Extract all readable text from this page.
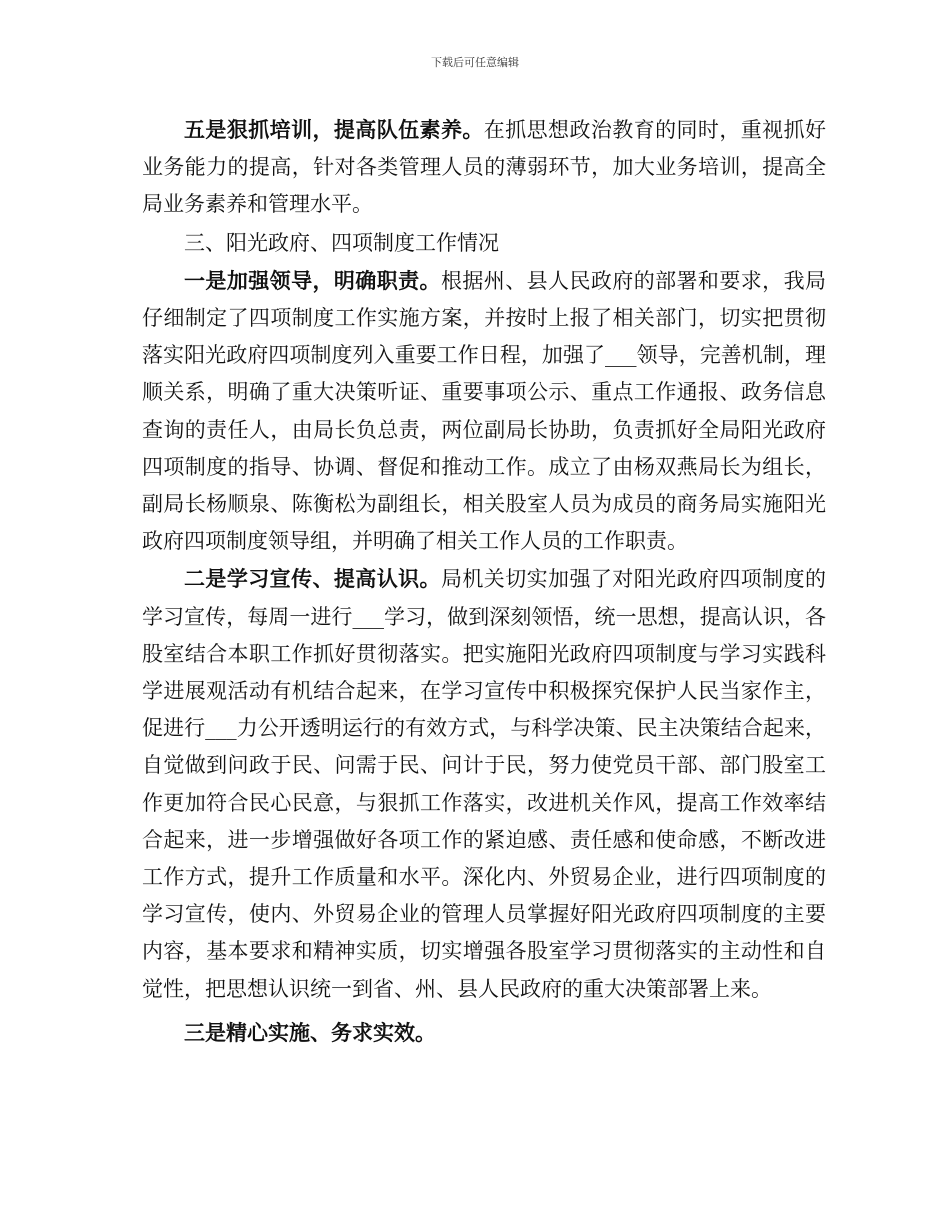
下载后可任意编辑

五是狠抓培训，提高队伍素养。在抓思想政治教育的同时，重视抓好业务能力的提高，针对各类管理人员的薄弱环节，加大业务培训，提高全局业务素养和管理水平。

三、阳光政府、四项制度工作情况

一是加强领导，明确职责。根据州、县人民政府的部署和要求，我局仔细制定了四项制度工作实施方案，并按时上报了相关部门，切实把贯彻落实阳光政府四项制度列入重要工作日程，加强了___领导，完善机制，理顺关系，明确了重大决策听证、重要事项公示、重点工作通报、政务信息查询的责任人，由局长负总责，两位副局长协助，负责抓好全局阳光政府四项制度的指导、协调、督促和推动工作。成立了由杨双燕局长为组长，副局长杨顺泉、陈衡松为副组长，相关股室人员为成员的商务局实施阳光政府四项制度领导组，并明确了相关工作人员的工作职责。

二是学习宣传、提高认识。局机关切实加强了对阳光政府四项制度的学习宣传，每周一进行___学习，做到深刻领悟，统一思想，提高认识，各股室结合本职工作抓好贯彻落实。把实施阳光政府四项制度与学习实践科学进展观活动有机结合起来，在学习宣传中积极探究保护人民当家作主，促进行___力公开透明运行的有效方式，与科学决策、民主决策结合起来，自觉做到问政于民、问需于民、问计于民，努力使党员干部、部门股室工作更加符合民心民意，与狠抓工作落实，改进机关作风，提高工作效率结合起来，进一步增强做好各项工作的紧迫感、责任感和使命感，不断改进工作方式，提升工作质量和水平。深化内、外贸易企业，进行四项制度的学习宣传，使内、外贸易企业的管理人员掌握好阳光政府四项制度的主要内容，基本要求和精神实质，切实增强各股室学习贯彻落实的主动性和自觉性，把思想认识统一到省、州、县人民政府的重大决策部署上来。

三是精心实施、务求实效。
